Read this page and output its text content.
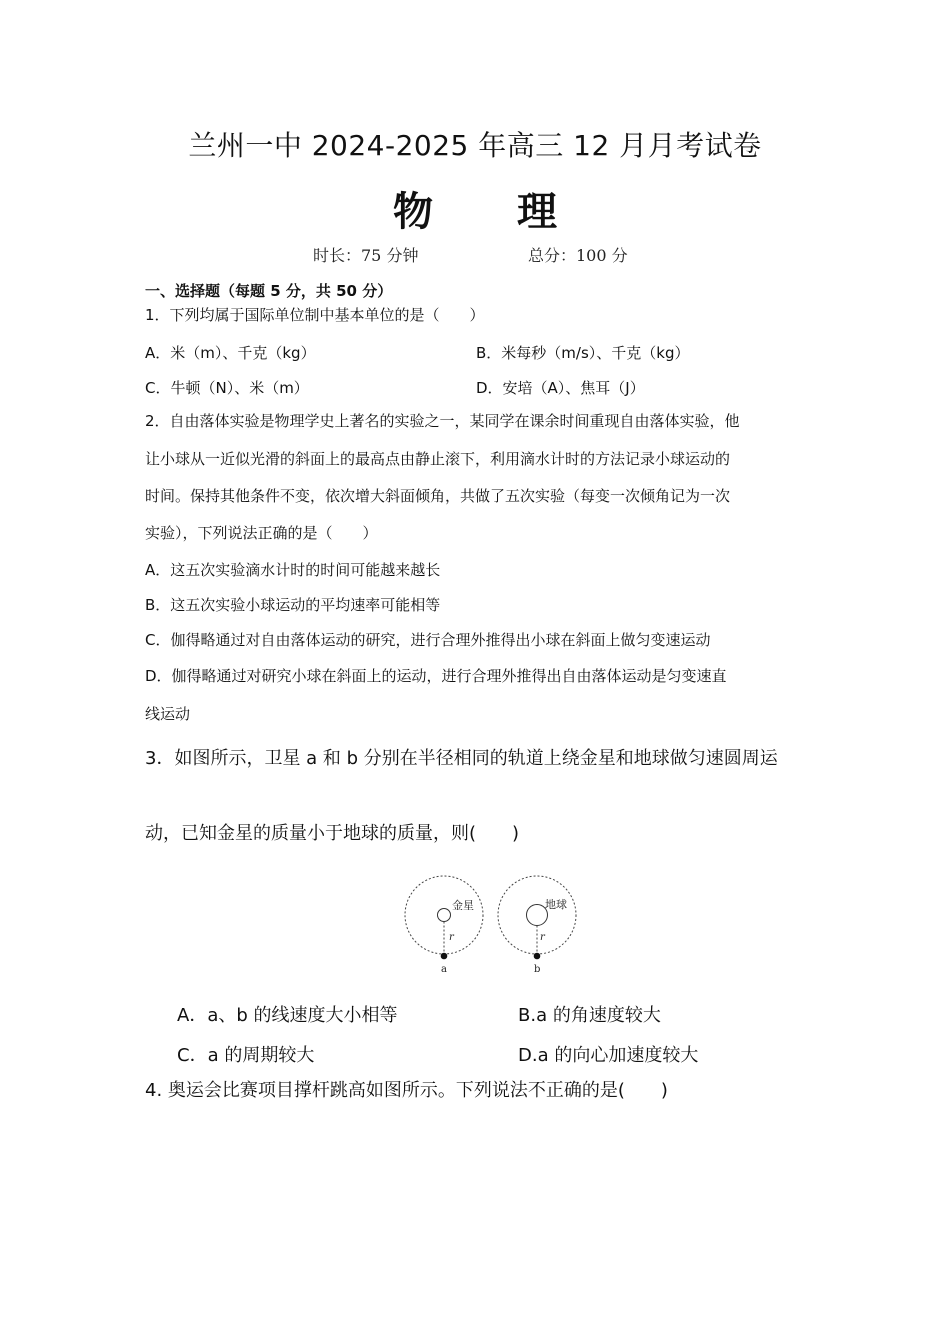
兰州一中 2024-2025 年高三 12 月月考试卷
物 理
时长：75 分钟	总分：100 分
一、选择题（每题 5 分，共 50 分）
1．下列均属于国际单位制中基本单位的是（　　）
A．米（m）、千克（kg）	B．米每秒（m/s）、千克（kg）
C．牛顿（N）、米（m）	D．安培（A）、焦耳（J）
2．自由落体实验是物理学史上著名的实验之一，某同学在课余时间重现自由落体实验，他
让小球从一近似光滑的斜面上的最高点由静止滚下，利用滴水计时的方法记录小球运动的
时间。保持其他条件不变，依次增大斜面倾角，共做了五次实验（每变一次倾角记为一次
实验），下列说法正确的是（　　）
A．这五次实验滴水计时的时间可能越来越长
B．这五次实验小球运动的平均速率可能相等
C．伽得略通过对自由落体运动的研究，进行合理外推得出小球在斜面上做匀变速运动
D．伽得略通过对研究小球在斜面上的运动，进行合理外推得出自由落体运动是匀变速直
线运动
3．如图所示，卫星 a 和 b 分别在半径相同的轨道上绕金星和地球做匀速圆周运
动，已知金星的质量小于地球的质量，则(　　)
金星
r
a
地球
r
b
A．a、b 的线速度大小相等	B.a 的角速度较大
C．a 的周期较大	D.a 的向心加速度较大
4. 奥运会比赛项目撑杆跳高如图所示。下列说法不正确的是(　　)
